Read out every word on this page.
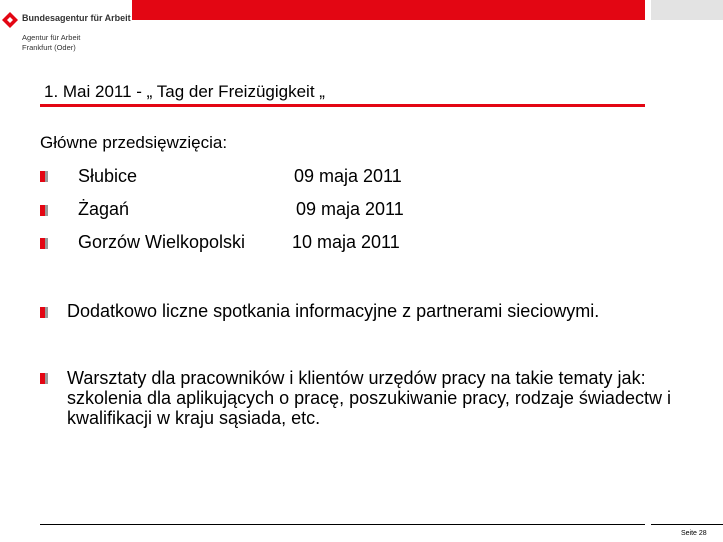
Bundesagentur für Arbeit
Agentur für Arbeit
Frankfurt (Oder)
1. Mai 2011 - „ Tag der Freizügigkeit „
Główne przedsięwzięcia:
Słubice	09 maja 2011
Żagań	09 maja 2011
Gorzów Wielkopolski	10 maja 2011
Dodatkowo liczne spotkania informacyjne z partnerami sieciowymi.
Warsztaty dla pracowników i klientów urzędów pracy na takie tematy jak: szkolenia dla aplikujących o pracę, poszukiwanie pracy, rodzaje świadectw i kwalifikacji w kraju sąsiada, etc.
Seite 28
